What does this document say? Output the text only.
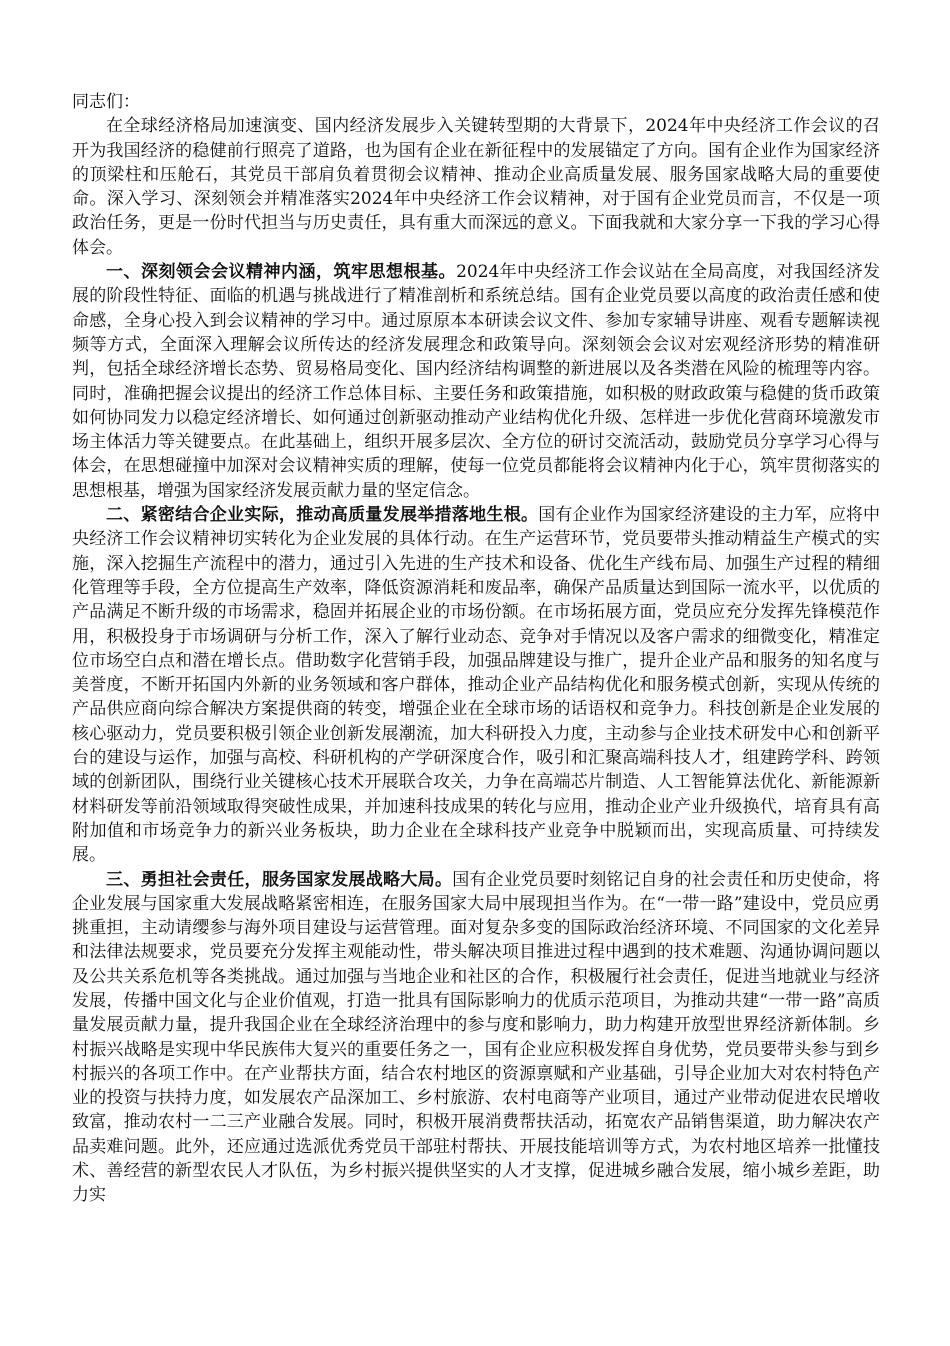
同志们：

在全球经济格局加速演变、国内经济发展步入关键转型期的大背景下，2024年中央经济工作会议的召开为我国经济的稳健前行照亮了道路，也为国有企业在新征程中的发展锚定了方向。国有企业作为国家经济的顶梁柱和压舱石，其党员干部肩负着贯彻会议精神、推动企业高质量发展、服务国家战略大局的重要使命。深入学习、深刻领会并精准落实2024年中央经济工作会议精神，对于国有企业党员而言，不仅是一项政治任务，更是一份时代担当与历史责任，具有重大而深远的意义。下面我就和大家分享一下我的学习心得体会。

一、深刻领会会议精神内涵，筑牢思想根基。2024年中央经济工作会议站在全局高度，对我国经济发展的阶段性特征、面临的机遇与挑战进行了精准剖析和系统总结。国有企业党员要以高度的政治责任感和使命感，全身心投入到会议精神的学习中。通过原原本本研读会议文件、参加专家辅导讲座、观看专题解读视频等方式，全面深入理解会议所传达的经济发展理念和政策导向。深刻领会会议对宏观经济形势的精准研判，包括全球经济增长态势、贸易格局变化、国内经济结构调整的新进展以及各类潜在风险的梳理等内容。同时，准确把握会议提出的经济工作总体目标、主要任务和政策措施，如积极的财政政策与稳健的货币政策如何协同发力以稳定经济增长、如何通过创新驱动推动产业结构优化升级、怎样进一步优化营商环境激发市场主体活力等关键要点。在此基础上，组织开展多层次、全方位的研讨交流活动，鼓励党员分享学习心得与体会，在思想碰撞中加深对会议精神实质的理解，使每一位党员都能将会议精神内化于心，筑牢贯彻落实的思想根基，增强为国家经济发展贡献力量的坚定信念。

二、紧密结合企业实际，推动高质量发展举措落地生根。国有企业作为国家经济建设的主力军，应将中央经济工作会议精神切实转化为企业发展的具体行动。在生产运营环节，党员要带头推动精益生产模式的实施，深入挖掘生产流程中的潜力，通过引入先进的生产技术和设备、优化生产线布局、加强生产过程的精细化管理等手段，全方位提高生产效率，降低资源消耗和废品率，确保产品质量达到国际一流水平，以优质的产品满足不断升级的市场需求，稳固并拓展企业的市场份额。在市场拓展方面，党员应充分发挥先锋模范作用，积极投身于市场调研与分析工作，深入了解行业动态、竞争对手情况以及客户需求的细微变化，精准定位市场空白点和潜在增长点。借助数字化营销手段，加强品牌建设与推广，提升企业产品和服务的知名度与美誉度，不断开拓国内外新的业务领域和客户群体，推动企业产品结构优化和服务模式创新，实现从传统的产品供应商向综合解决方案提供商的转变，增强企业在全球市场的话语权和竞争力。科技创新是企业发展的核心驱动力，党员要积极引领企业创新发展潮流，加大科研投入力度，主动参与企业技术研发中心和创新平台的建设与运作，加强与高校、科研机构的产学研深度合作，吸引和汇聚高端科技人才，组建跨学科、跨领域的创新团队，围绕行业关键核心技术开展联合攻关，力争在高端芯片制造、人工智能算法优化、新能源新材料研发等前沿领域取得突破性成果，并加速科技成果的转化与应用，推动企业产业升级换代，培育具有高附加值和市场竞争力的新兴业务板块，助力企业在全球科技产业竞争中脱颖而出，实现高质量、可持续发展。

三、勇担社会责任，服务国家发展战略大局。国有企业党员要时刻铭记自身的社会责任和历史使命，将企业发展与国家重大发展战略紧密相连，在服务国家大局中展现担当作为。在“一带一路”建设中，党员应勇挑重担，主动请缨参与海外项目建设与运营管理。面对复杂多变的国际政治经济环境、不同国家的文化差异和法律法规要求，党员要充分发挥主观能动性，带头解决项目推进过程中遇到的技术难题、沟通协调问题以及公共关系危机等各类挑战。通过加强与当地企业和社区的合作，积极履行社会责任，促进当地就业与经济发展，传播中国文化与企业价值观，打造一批具有国际影响力的优质示范项目，为推动共建“一带一路”高质量发展贡献力量，提升我国企业在全球经济治理中的参与度和影响力，助力构建开放型世界经济新体制。乡村振兴战略是实现中华民族伟大复兴的重要任务之一，国有企业应积极发挥自身优势，党员要带头参与到乡村振兴的各项工作中。在产业帮扶方面，结合农村地区的资源禀赋和产业基础，引导企业加大对农村特色产业的投资与扶持力度，如发展农产品深加工、乡村旅游、农村电商等产业项目，通过产业带动促进农民增收致富，推动农村一二三产业融合发展。同时，积极开展消费帮扶活动，拓宽农产品销售渠道，助力解决农产品卖难问题。此外，还应通过选派优秀党员干部驻村帮扶、开展技能培训等方式，为农村地区培养一批懂技术、善经营的新型农民人才队伍，为乡村振兴提供坚实的人才支撑，促进城乡融合发展，缩小城乡差距，助力实
